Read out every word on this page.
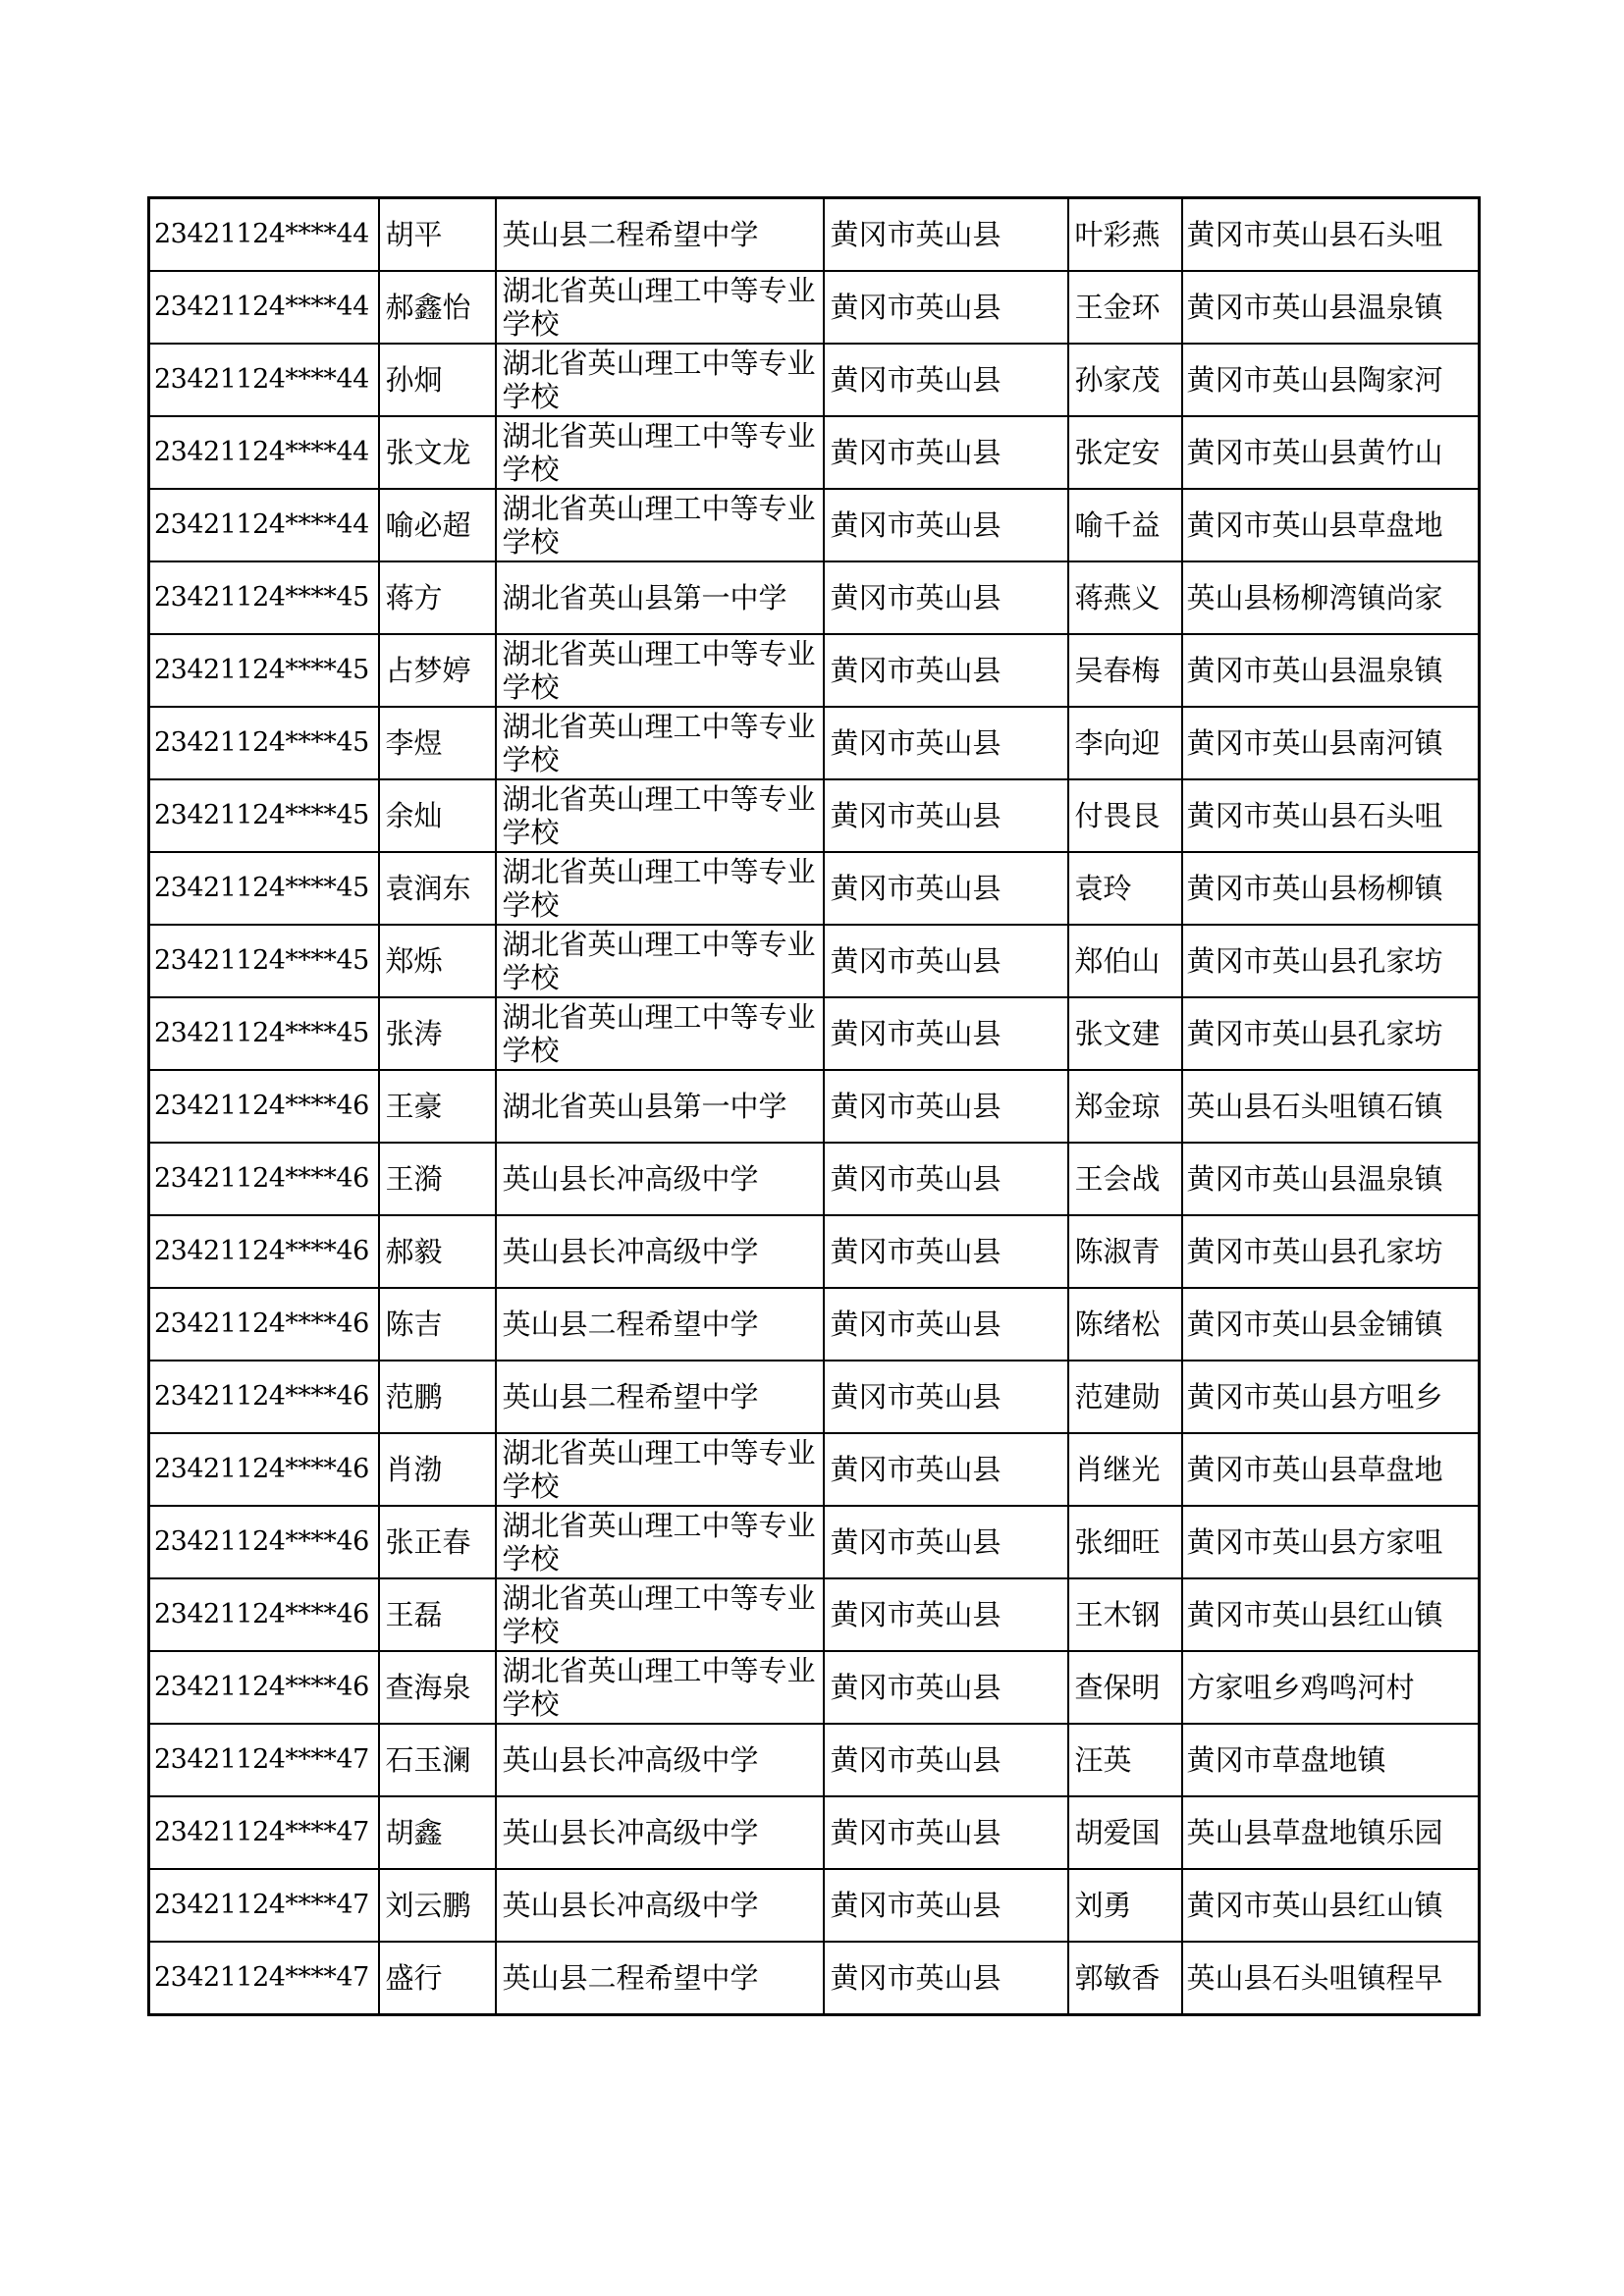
23421124****44	胡平	英山县二程希望中学	黄冈市英山县	叶彩燕	黄冈市英山县石头咀
23421124****44	郝鑫怡	湖北省英山理工中等专业学校	黄冈市英山县	王金环	黄冈市英山县温泉镇
23421124****44	孙炯	湖北省英山理工中等专业学校	黄冈市英山县	孙家茂	黄冈市英山县陶家河
23421124****44	张文龙	湖北省英山理工中等专业学校	黄冈市英山县	张定安	黄冈市英山县黄竹山
23421124****44	喻必超	湖北省英山理工中等专业学校	黄冈市英山县	喻千益	黄冈市英山县草盘地
23421124****45	蒋方	湖北省英山县第一中学	黄冈市英山县	蒋燕义	英山县杨柳湾镇尚家
23421124****45	占梦婷	湖北省英山理工中等专业学校	黄冈市英山县	吴春梅	黄冈市英山县温泉镇
23421124****45	李煜	湖北省英山理工中等专业学校	黄冈市英山县	李向迎	黄冈市英山县南河镇
23421124****45	余灿	湖北省英山理工中等专业学校	黄冈市英山县	付畏艮	黄冈市英山县石头咀
23421124****45	袁润东	湖北省英山理工中等专业学校	黄冈市英山县	袁玲	黄冈市英山县杨柳镇
23421124****45	郑烁	湖北省英山理工中等专业学校	黄冈市英山县	郑伯山	黄冈市英山县孔家坊
23421124****45	张涛	湖北省英山理工中等专业学校	黄冈市英山县	张文建	黄冈市英山县孔家坊
23421124****46	王豪	湖北省英山县第一中学	黄冈市英山县	郑金琼	英山县石头咀镇石镇
23421124****46	王漪	英山县长冲高级中学	黄冈市英山县	王会战	黄冈市英山县温泉镇
23421124****46	郝毅	英山县长冲高级中学	黄冈市英山县	陈淑青	黄冈市英山县孔家坊
23421124****46	陈吉	英山县二程希望中学	黄冈市英山县	陈绪松	黄冈市英山县金铺镇
23421124****46	范鹏	英山县二程希望中学	黄冈市英山县	范建勋	黄冈市英山县方咀乡
23421124****46	肖渤	湖北省英山理工中等专业学校	黄冈市英山县	肖继光	黄冈市英山县草盘地
23421124****46	张正春	湖北省英山理工中等专业学校	黄冈市英山县	张细旺	黄冈市英山县方家咀
23421124****46	王磊	湖北省英山理工中等专业学校	黄冈市英山县	王木钢	黄冈市英山县红山镇
23421124****46	查海泉	湖北省英山理工中等专业学校	黄冈市英山县	查保明	方家咀乡鸡鸣河村
23421124****47	石玉澜	英山县长冲高级中学	黄冈市英山县	汪英	黄冈市草盘地镇
23421124****47	胡鑫	英山县长冲高级中学	黄冈市英山县	胡爱国	英山县草盘地镇乐园
23421124****47	刘云鹏	英山县长冲高级中学	黄冈市英山县	刘勇	黄冈市英山县红山镇
23421124****47	盛行	英山县二程希望中学	黄冈市英山县	郭敏香	英山县石头咀镇程早
